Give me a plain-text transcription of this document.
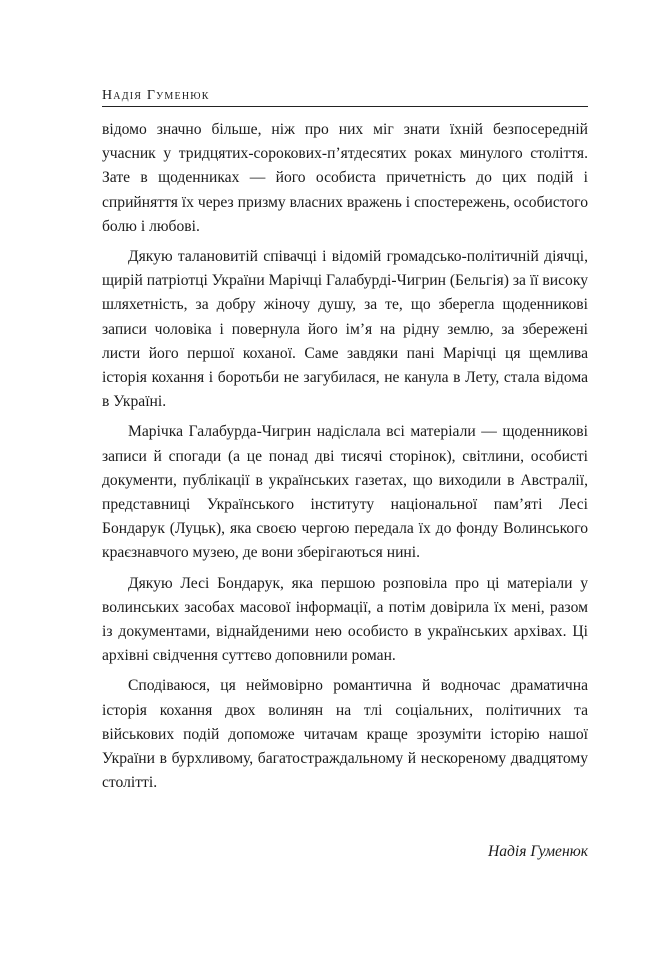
Надія Гуменюк

відомо значно більше, ніж про них міг знати їхній безпосередній учасник у тридцятих-сорокових-п’ятдесятих роках минулого століття. Зате в щоденниках — його особиста причетність до цих подій і сприйняття їх через призму власних вражень і спостережень, особистого болю і любові.

Дякую талановитій співачці і відомій громадсько-політичній діячці, щирій патріотці України Марічці Галабурді-Чигрин (Бельгія) за її високу шляхетність, за добру жіночу душу, за те, що зберегла щоденникові записи чоловіка і повернула його ім’я на рідну землю, за збережені листи його першої коханої. Саме завдяки пані Марічці ця щемлива історія кохання і боротьби не загубилася, не канула в Лету, стала відома в Україні.

Марічка Галабурда-Чигрин надіслала всі матеріали — щоденникові записи й спогади (а це понад дві тисячі сторінок), світлини, особисті документи, публікації в українських газетах, що виходили в Австралії, представниці Українського інституту національної пам’яті Лесі Бондарук (Луцьк), яка своєю чергою передала їх до фонду Волинського краєзнавчого музею, де вони зберігаються нині.

Дякую Лесі Бондарук, яка першою розповіла про ці матеріали у волинських засобах масової інформації, а потім довірила їх мені, разом із документами, віднайденими нею особисто в українських архівах. Ці архівні свідчення суттєво доповнили роман.

Сподіваюся, ця неймовірно романтична й водночас драматична історія кохання двох волинян на тлі соціальних, політичних та військових подій допоможе читачам краще зрозуміти історію нашої України в бурхливому, багатостраждальному й нескореному двадцятому столітті.

Надія Гуменюк
